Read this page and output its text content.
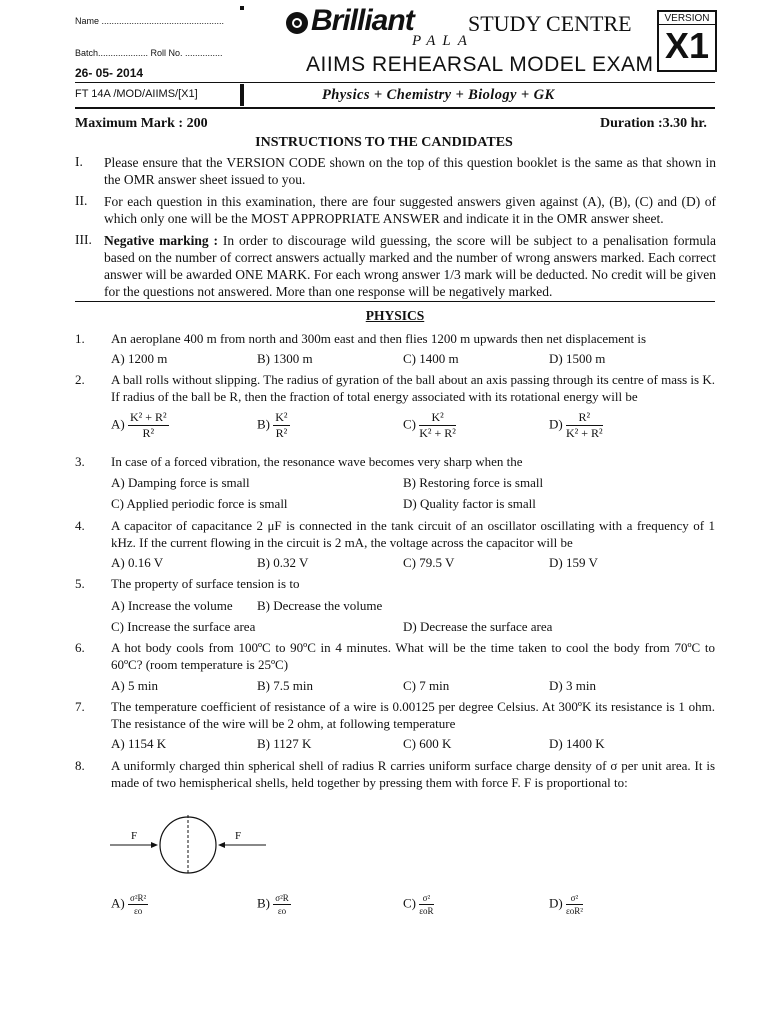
Name .................................................
Batch.................... Roll No. ...............
26- 05- 2014
FT 14A /MOD/AIIMS/[X1]
Brilliant STUDY CENTRE
PALA
AIIMS REHEARSAL MODEL EXAM
VERSION
X1
Physics + Chemistry + Biology + GK
Maximum Mark : 200	Duration :3.30 hr.
INSTRUCTIONS TO THE CANDIDATES
I. Please ensure that the VERSION CODE shown on the top of this question booklet is the same as that shown in the OMR answer sheet issued to you.
II. For each question in this examination, there are four suggested answers given against (A), (B), (C) and (D) of which only one will be the MOST APPROPRIATE ANSWER and indicate it in the OMR answer sheet.
III. Negative marking : In order to discourage wild guessing, the score will be subject to a penalisation formula based on the number of correct answers actually marked and the number of wrong answers marked. Each correct answer will be awarded ONE MARK. For each wrong answer 1/3 mark will be deducted. No credit will be given for the questions not answered. More than one response will be negatively marked.
PHYSICS
1. An aeroplane 400 m from north and 300m east and then flies 1200 m upwards then net displacement is
A) 1200 m	B) 1300 m	C) 1400 m	D) 1500 m
2. A ball rolls without slipping. The radius of gyration of the ball about an axis passing through its centre of mass is K. If radius of the ball be R, then the fraction of total energy associated with its rotational energy will be
$A) \frac{\text{K² + R²}}{\text{R²}}$	$B) \frac{\text{K²}}{\text{R²}}$	$C) \frac{\text{K²}}{\text{K² + R²}}$	$D) \frac{\text{R²}}{\text{K² + R²}}$
3. In case of a forced vibration, the resonance wave becomes very sharp when the
A) Damping force is small	B) Restoring force is small
C) Applied periodic force is small	D) Quality factor is small
4. A capacitor of capacitance 2 μF is connected in the tank circuit of an oscillator oscillating with a frequency of 1 kHz. If the current flowing in the circuit is 2 mA, the voltage across the capacitor will be
A) 0.16 V	B) 0.32 V	C) 79.5 V	D) 159 V
5. The property of surface tension is to
A) Increase the volume B) Decrease the volume
C) Increase the surface area	D) Decrease the surface area
6. A hot body cools from 100ºC to 90ºC in 4 minutes. What will be the time taken to cool the body from 70ºC to 60ºC? (room temperature is 25ºC)
A) 5 min	B) 7.5 min	C) 7 min	D) 3 min
7. The temperature coefficient of resistance of a wire is 0.00125 per degree Celsius. At 300ºK its resistance is 1 ohm. The resistance of the wire will be 2 ohm, at following temperature
A) 1154 K	B) 1127 K	C) 600 K	D) 1400 K
8. A uniformly charged thin spherical shell of radius R carries uniform surface charge density of σ per unit area. It is made of two hemispherical shells, held together by pressing them with force F. F is proportional to:
F	F
$A) \frac{\text{σ²R²}}{\varepsilon o}$	$B) \frac{\text{σ²R}}{\varepsilon o}$	$C) \frac{\text{σ²}}{\text{εoR}}$	$D) \frac{\text{σ²}}{\text{εoR²}}$
